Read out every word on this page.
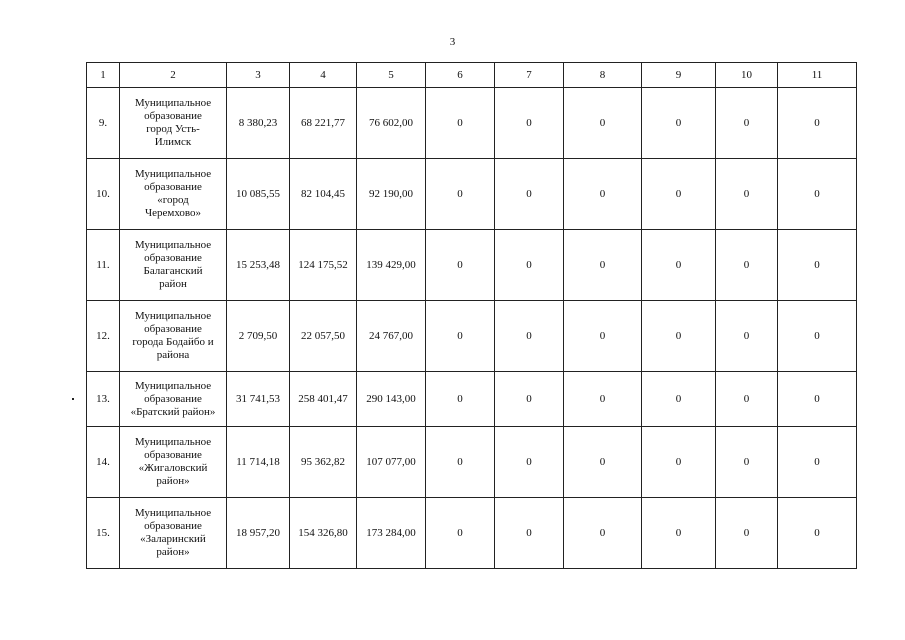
3
1	2	3	4	5	6	7	8	9	10	11
9.	Муниципальное
образование
город Усть-
Илимск	8 380,23	68 221,77	76 602,00	0	0	0	0	0	0
10.	Муниципальное
образование
«город
Черемхово»	10 085,55	82 104,45	92 190,00	0	0	0	0	0	0
11.	Муниципальное
образование
Балаганский
район	15 253,48	124 175,52	139 429,00	0	0	0	0	0	0
12.	Муниципальное
образование
города Бодайбо и
района	2 709,50	22 057,50	24 767,00	0	0	0	0	0	0
13.	Муниципальное
образование
«Братский район»	31 741,53	258 401,47	290 143,00	0	0	0	0	0	0
14.	Муниципальное
образование
«Жигаловский
район»	11 714,18	95 362,82	107 077,00	0	0	0	0	0	0
15.	Муниципальное
образование
«Заларинский
район»	18 957,20	154 326,80	173 284,00	0	0	0	0	0	0
